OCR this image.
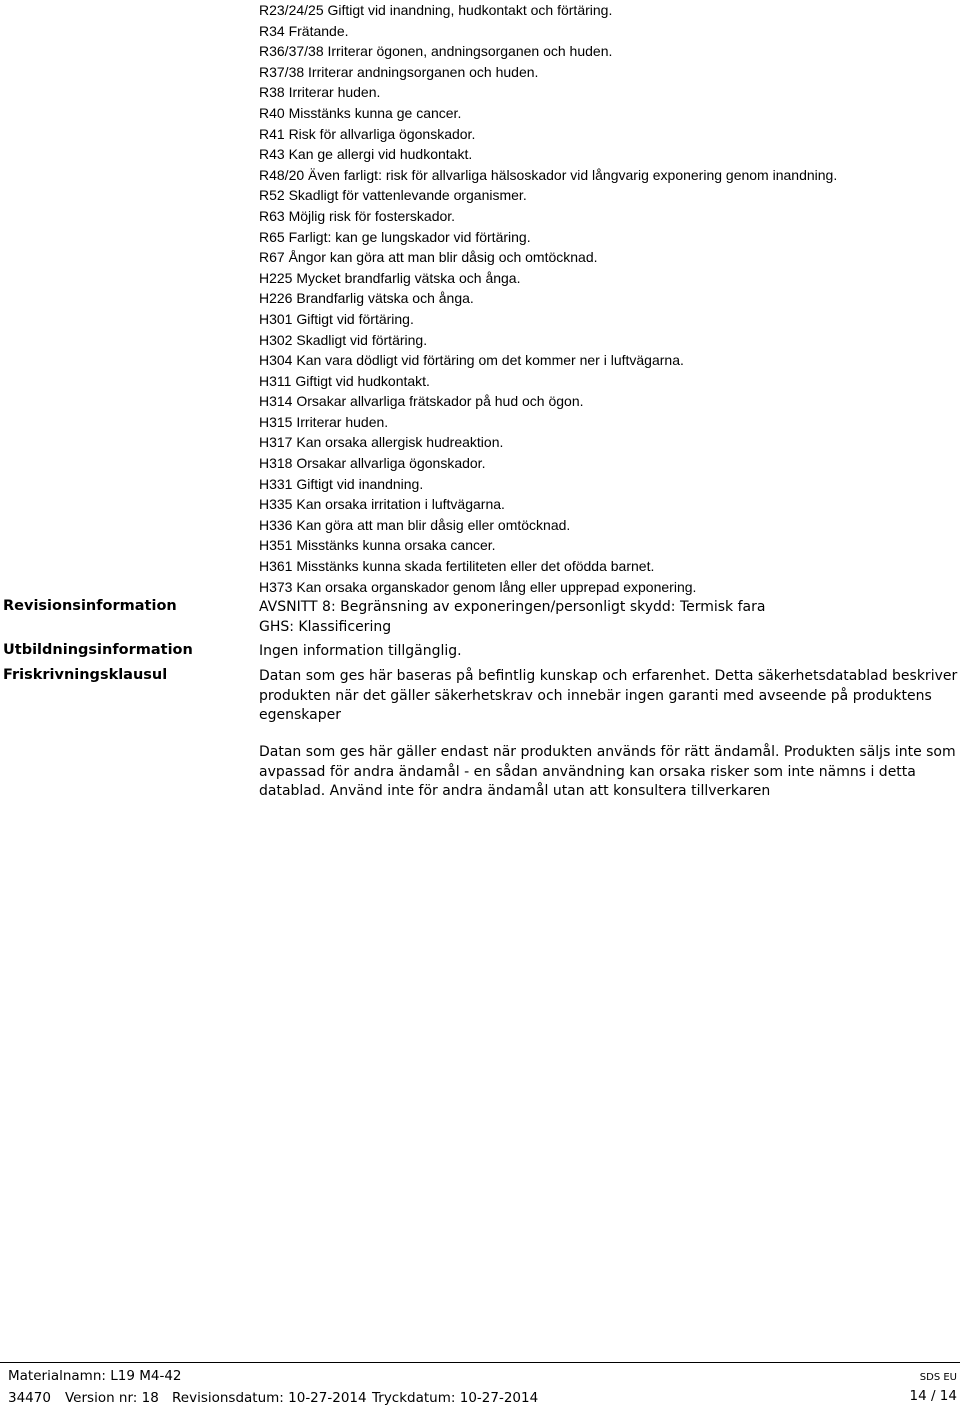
R23/24/25 Giftigt vid inandning, hudkontakt och förtäring.
R34 Frätande.
R36/37/38 Irriterar ögonen, andningsorganen och huden.
R37/38 Irriterar andningsorganen och huden.
R38 Irriterar huden.
R40 Misstänks kunna ge cancer.
R41 Risk för allvarliga ögonskador.
R43 Kan ge allergi vid hudkontakt.
R48/20 Även farligt: risk för allvarliga hälsoskador vid långvarig exponering genom inandning.
R52 Skadligt för vattenlevande organismer.
R63 Möjlig risk för fosterskador.
R65 Farligt: kan ge lungskador vid förtäring.
R67 Ångor kan göra att man blir dåsig och omtöcknad.
H225 Mycket brandfarlig vätska och ånga.
H226 Brandfarlig vätska och ånga.
H301 Giftigt vid förtäring.
H302 Skadligt vid förtäring.
H304 Kan vara dödligt vid förtäring om det kommer ner i luftvägarna.
H311 Giftigt vid hudkontakt.
H314 Orsakar allvarliga frätskador på hud och ögon.
H315 Irriterar huden.
H317 Kan orsaka allergisk hudreaktion.
H318 Orsakar allvarliga ögonskador.
H331 Giftigt vid inandning.
H335 Kan orsaka irritation i luftvägarna.
H336 Kan göra att man blir dåsig eller omtöcknad.
H351 Misstänks kunna orsaka cancer.
H361 Misstänks kunna skada fertiliteten eller det ofödda barnet.
H373 Kan orsaka organskador genom lång eller upprepad exponering.
Revisionsinformation	AVSNITT 8: Begränsning av exponeringen/personligt skydd: Termisk fara
GHS: Klassificering
Utbildningsinformation	Ingen information tillgänglig.
Friskrivningsklausul	Datan som ges här baseras på befintlig kunskap och erfarenhet. Detta säkerhetsdatablad beskriver produkten när det gäller säkerhetskrav och innebär ingen garanti med avseende på produktens egenskaper
Datan som ges här gäller endast när produkten används för rätt ändamål. Produkten säljs inte som avpassad för andra ändamål - en sådan användning kan orsaka risker som inte nämns i detta datablad. Använd inte för andra ändamål utan att konsultera tillverkaren
Materialnamn: L19 M4-42	SDS EU
34470 Version nr: 18 Revisionsdatum: 10-27-2014 Tryckdatum: 10-27-2014	14 / 14
